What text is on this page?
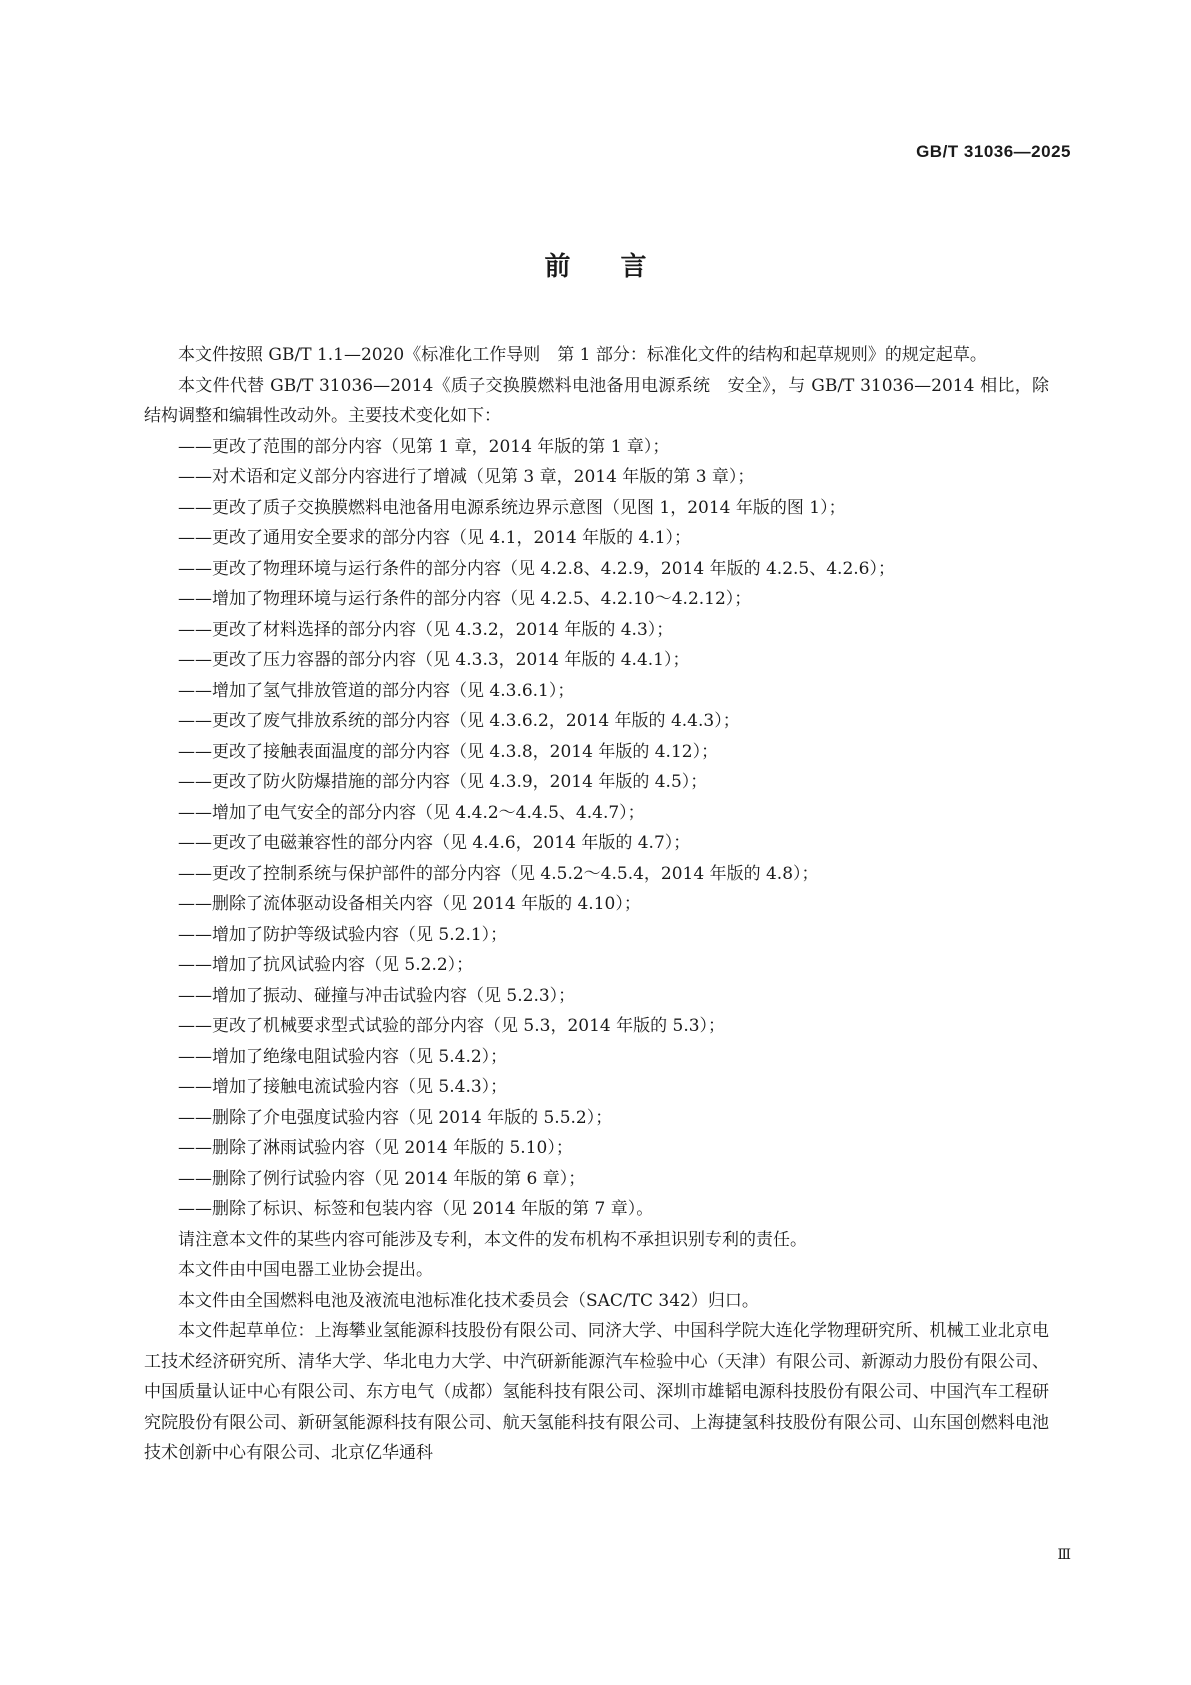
GB/T 31036—2025
前言

本文件按照 GB/T 1.1—2020《标准化工作导则　第 1 部分：标准化文件的结构和起草规则》的规定起草。

本文件代替 GB/T 31036—2014《质子交换膜燃料电池备用电源系统　安全》，与 GB/T 31036—2014 相比，除结构调整和编辑性改动外。主要技术变化如下：

——更改了范围的部分内容（见第 1 章，2014 年版的第 1 章）；
——对术语和定义部分内容进行了增减（见第 3 章，2014 年版的第 3 章）；
——更改了质子交换膜燃料电池备用电源系统边界示意图（见图 1，2014 年版的图 1）；
——更改了通用安全要求的部分内容（见 4.1，2014 年版的 4.1）；
——更改了物理环境与运行条件的部分内容（见 4.2.8、4.2.9，2014 年版的 4.2.5、4.2.6）；
——增加了物理环境与运行条件的部分内容（见 4.2.5、4.2.10～4.2.12）；
——更改了材料选择的部分内容（见 4.3.2，2014 年版的 4.3）；
——更改了压力容器的部分内容（见 4.3.3，2014 年版的 4.4.1）；
——增加了氢气排放管道的部分内容（见 4.3.6.1）；
——更改了废气排放系统的部分内容（见 4.3.6.2，2014 年版的 4.4.3）；
——更改了接触表面温度的部分内容（见 4.3.8，2014 年版的 4.12）；
——更改了防火防爆措施的部分内容（见 4.3.9，2014 年版的 4.5）；
——增加了电气安全的部分内容（见 4.4.2～4.4.5、4.4.7）；
——更改了电磁兼容性的部分内容（见 4.4.6，2014 年版的 4.7）；
——更改了控制系统与保护部件的部分内容（见 4.5.2～4.5.4，2014 年版的 4.8）；
——删除了流体驱动设备相关内容（见 2014 年版的 4.10）；
——增加了防护等级试验内容（见 5.2.1）；
——增加了抗风试验内容（见 5.2.2）；
——增加了振动、碰撞与冲击试验内容（见 5.2.3）；
——更改了机械要求型式试验的部分内容（见 5.3，2014 年版的 5.3）；
——增加了绝缘电阻试验内容（见 5.4.2）；
——增加了接触电流试验内容（见 5.4.3）；
——删除了介电强度试验内容（见 2014 年版的 5.5.2）；
——删除了淋雨试验内容（见 2014 年版的 5.10）；
——删除了例行试验内容（见 2014 年版的第 6 章）；
——删除了标识、标签和包装内容（见 2014 年版的第 7 章）。

请注意本文件的某些内容可能涉及专利，本文件的发布机构不承担识别专利的责任。

本文件由中国电器工业协会提出。

本文件由全国燃料电池及液流电池标准化技术委员会（SAC/TC 342）归口。

本文件起草单位：上海攀业氢能源科技股份有限公司、同济大学、中国科学院大连化学物理研究所、机械工业北京电工技术经济研究所、清华大学、华北电力大学、中汽研新能源汽车检验中心（天津）有限公司、新源动力股份有限公司、中国质量认证中心有限公司、东方电气（成都）氢能科技有限公司、深圳市雄韬电源科技股份有限公司、中国汽车工程研究院股份有限公司、新研氢能源科技有限公司、航天氢能科技有限公司、上海捷氢科技股份有限公司、山东国创燃料电池技术创新中心有限公司、北京亿华通科

Ⅲ
